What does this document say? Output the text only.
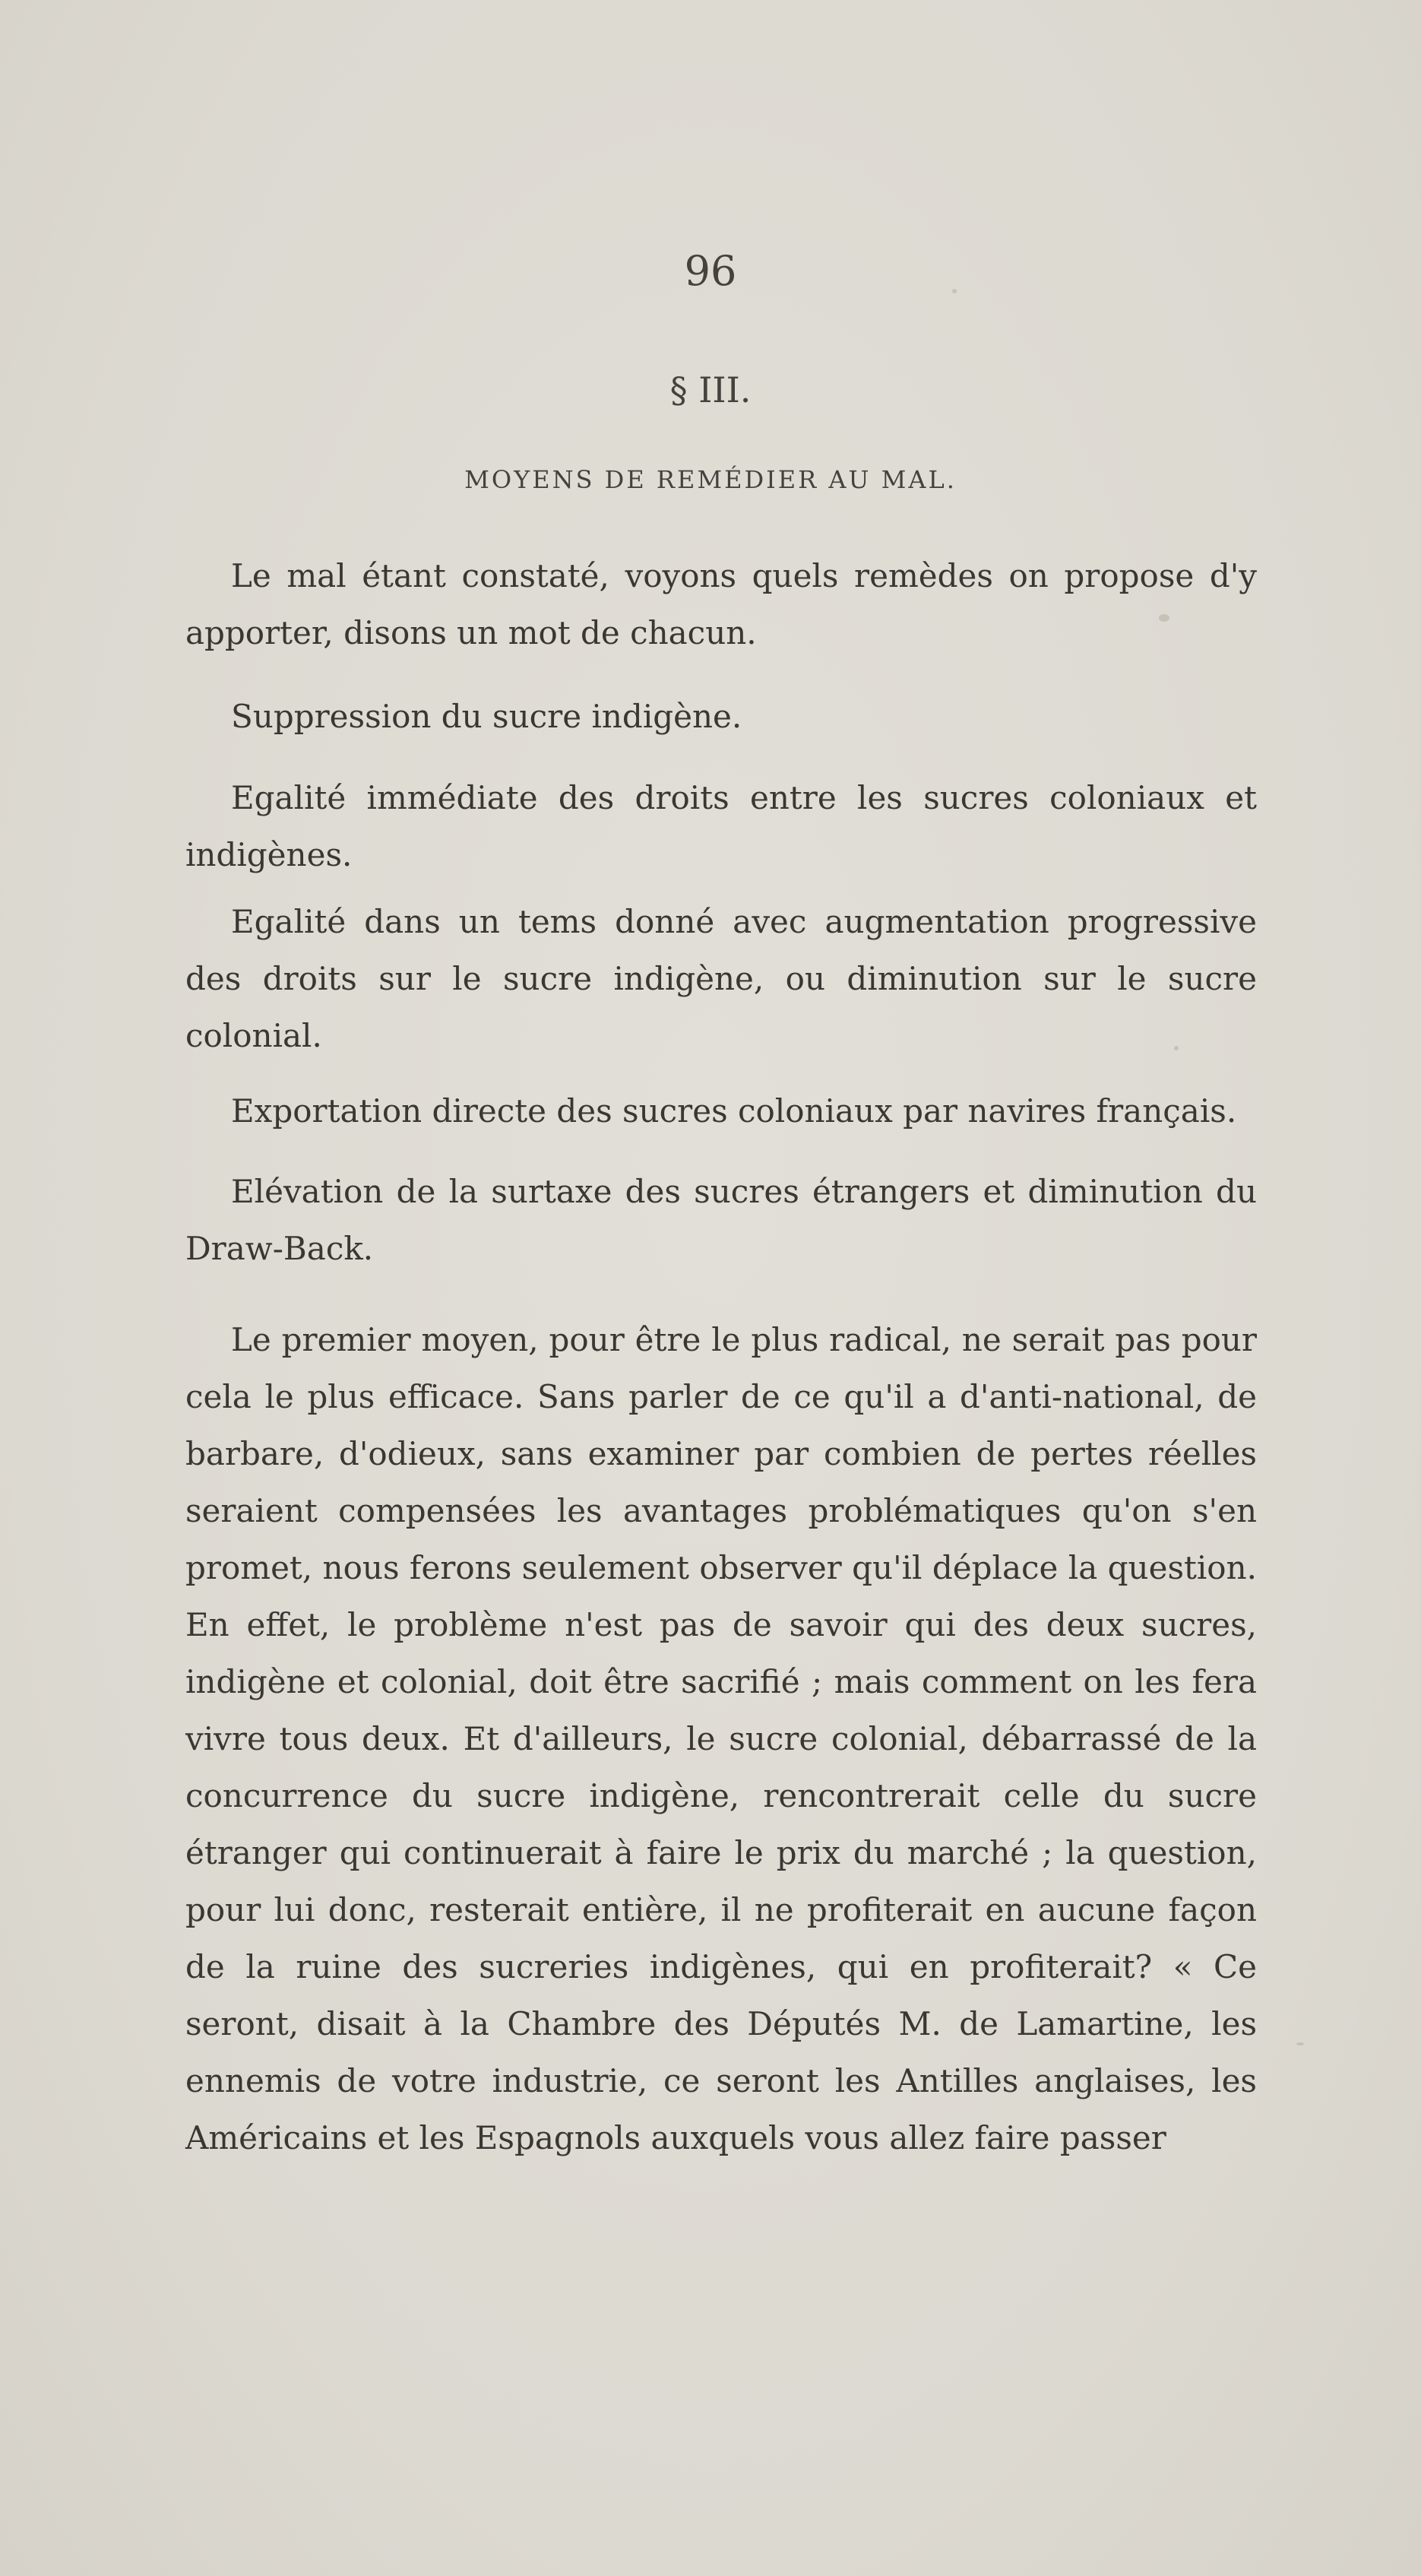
96
§ III.
MOYENS DE REMÉDIER AU MAL.

Le mal étant constaté, voyons quels remèdes on propose d'y apporter, disons un mot de chacun.

Suppression du sucre indigène.

Egalité immédiate des droits entre les sucres coloniaux et indigènes.

Egalité dans un tems donné avec augmentation progressive des droits sur le sucre indigène, ou diminution sur le sucre colonial.

Exportation directe des sucres coloniaux par navires français.

Elévation de la surtaxe des sucres étrangers et diminution du Draw-Back.

Le premier moyen, pour être le plus radical, ne serait pas pour cela le plus efficace. Sans parler de ce qu'il a d'anti-national, de barbare, d'odieux, sans examiner par combien de pertes réelles seraient compensées les avantages problématiques qu'on s'en promet, nous ferons seulement observer qu'il déplace la question. En effet, le problème n'est pas de savoir qui des deux sucres, indigène et colonial, doit être sacrifié ; mais comment on les fera vivre tous deux. Et d'ailleurs, le sucre colonial, débarrassé de la concurrence du sucre indigène, rencontrerait celle du sucre étranger qui continuerait à faire le prix du marché ; la question, pour lui donc, resterait entière, il ne profiterait en aucune façon de la ruine des sucreries indigènes, qui en profiterait? « Ce seront, disait à la Chambre des Députés M. de Lamartine, les ennemis de votre industrie, ce seront les Antilles anglaises, les Américains et les Espagnols auxquels vous allez faire passer
